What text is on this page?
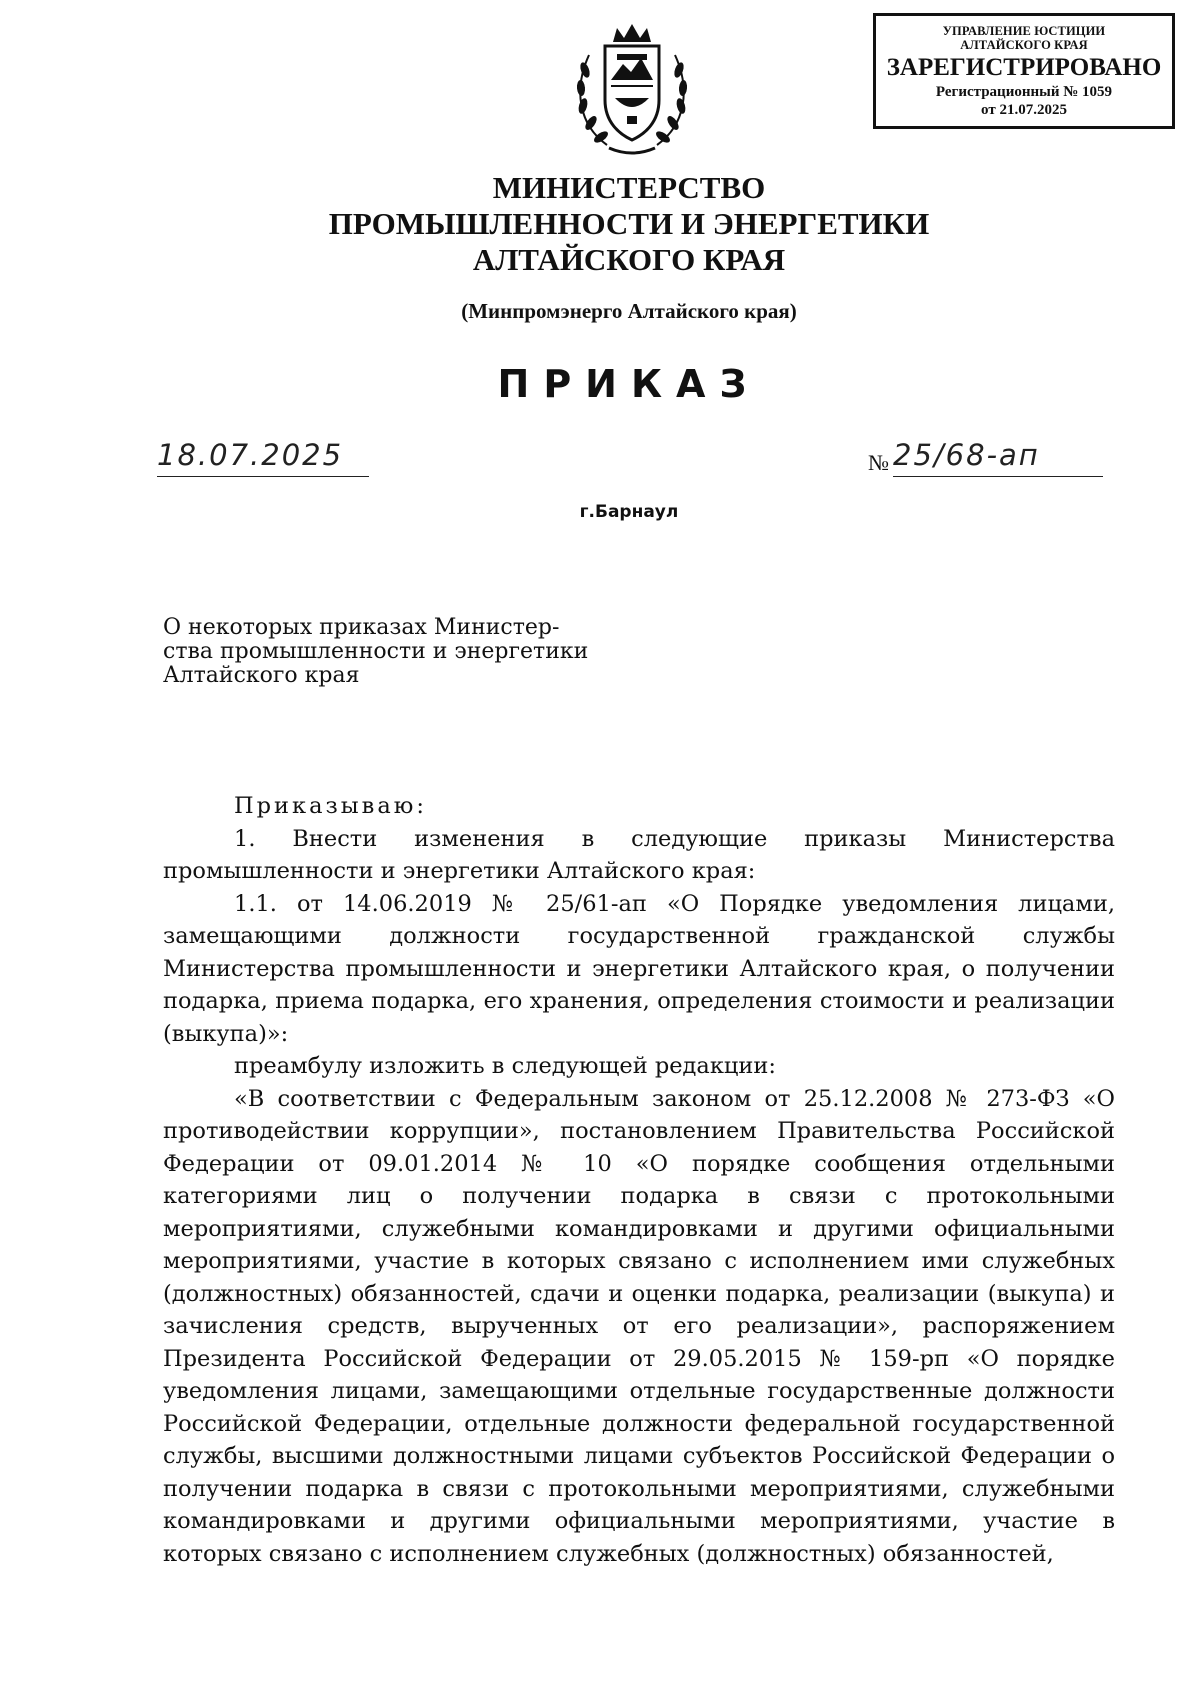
УПРАВЛЕНИЕ ЮСТИЦИИ
АЛТАЙСКОГО КРАЯ
ЗАРЕГИСТРИРОВАНО
Регистрационный № 1059
от 21.07.2025
МИНИСТЕРСТВО
ПРОМЫШЛЕННОСТИ И ЭНЕРГЕТИКИ
АЛТАЙСКОГО КРАЯ
(Минпромэнерго Алтайского края)
ПРИКАЗ
18.07.2025	№ 25/68-ап
г.Барнаул
О некоторых приказах Министер-
ства промышленности и энергетики
Алтайского края

Приказываю:

1. Внести изменения в следующие приказы Министерства промышленности и энергетики Алтайского края:

1.1. от 14.06.2019 № 25/61-ап «О Порядке уведомления лицами, замещающими должности государственной гражданской службы Министерства промышленности и энергетики Алтайского края, о получении подарка, приема подарка, его хранения, определения стоимости и реализации (выкупа)»:

преамбулу изложить в следующей редакции:

«В соответствии с Федеральным законом от 25.12.2008 № 273-ФЗ «О противодействии коррупции», постановлением Правительства Российской Федерации от 09.01.2014 № 10 «О порядке сообщения отдельными категориями лиц о получении подарка в связи с протокольными мероприятиями, служебными командировками и другими официальными мероприятиями, участие в которых связано с исполнением ими служебных (должностных) обязанностей, сдачи и оценки подарка, реализации (выкупа) и зачисления средств, вырученных от его реализации», распоряжением Президента Российской Федерации от 29.05.2015 № 159-рп «О порядке уведомления лицами, замещающими отдельные государственные должности Российской Федерации, отдельные должности федеральной государственной службы, высшими должностными лицами субъектов Российской Федерации о получении подарка в связи с протокольными мероприятиями, служебными командировками и другими официальными мероприятиями, участие в которых связано с исполнением служебных (должностных) обязанностей,
